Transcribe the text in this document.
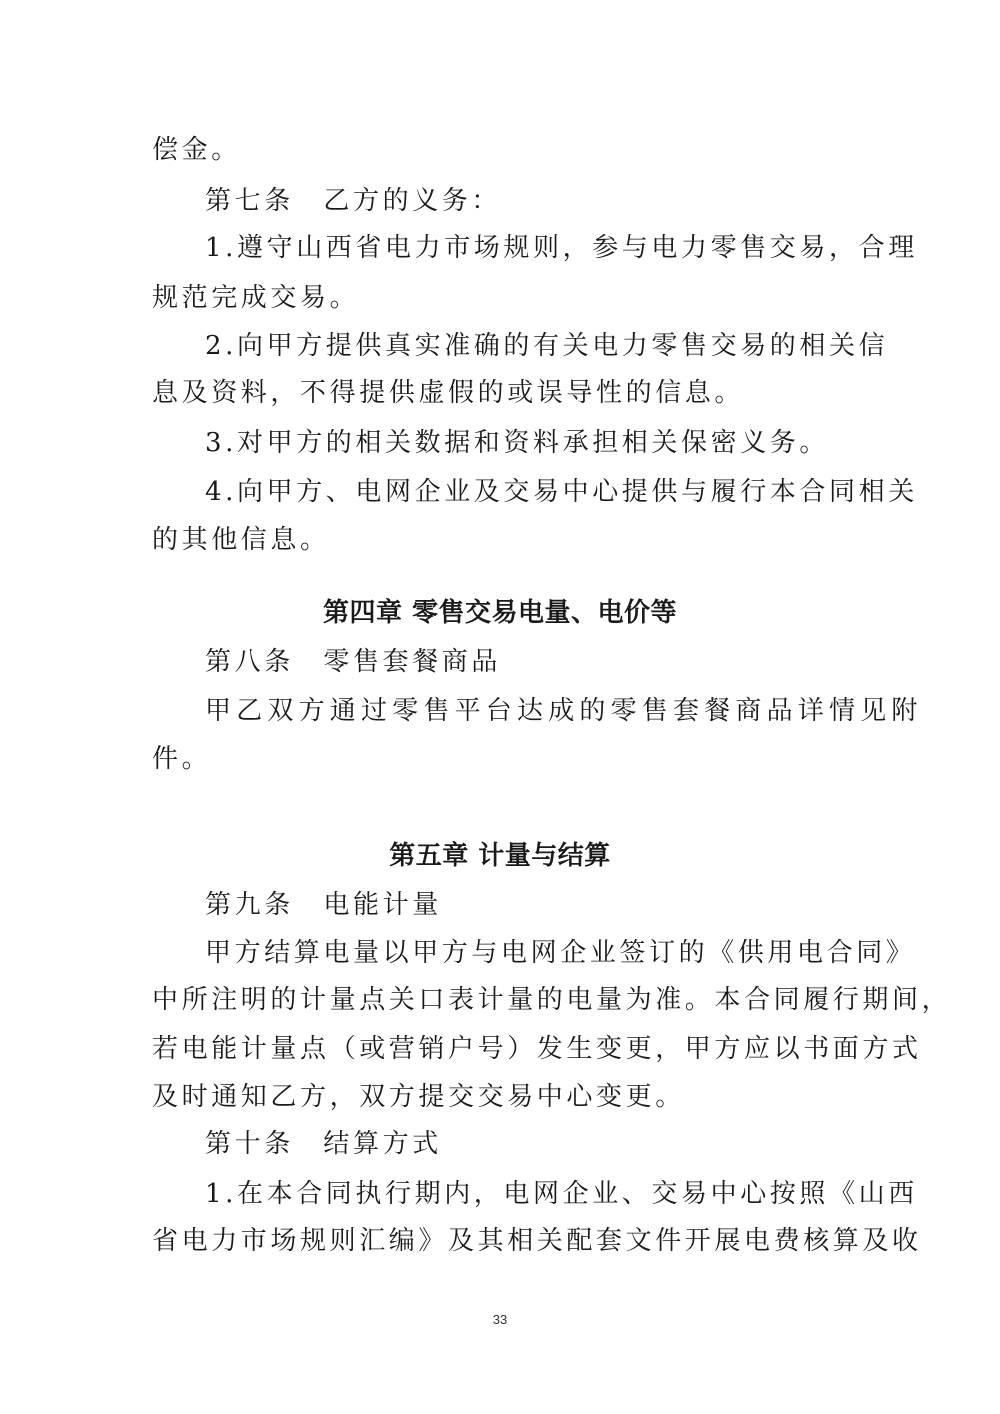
偿金。
第七条　乙方的义务：
1.遵守山西省电力市场规则，参与电力零售交易，合理
规范完成交易。
2.向甲方提供真实准确的有关电力零售交易的相关信
息及资料，不得提供虚假的或误导性的信息。
3.对甲方的相关数据和资料承担相关保密义务。
4.向甲方、电网企业及交易中心提供与履行本合同相关
的其他信息。
第四章 零售交易电量、电价等
第八条　零售套餐商品
甲乙双方通过零售平台达成的零售套餐商品详情见附
件。
第五章 计量与结算
第九条　电能计量
甲方结算电量以甲方与电网企业签订的《供用电合同》
中所注明的计量点关口表计量的电量为准。本合同履行期间，
若电能计量点（或营销户号）发生变更，甲方应以书面方式
及时通知乙方，双方提交交易中心变更。
第十条　结算方式
1.在本合同执行期内，电网企业、交易中心按照《山西
省电力市场规则汇编》及其相关配套文件开展电费核算及收
33
